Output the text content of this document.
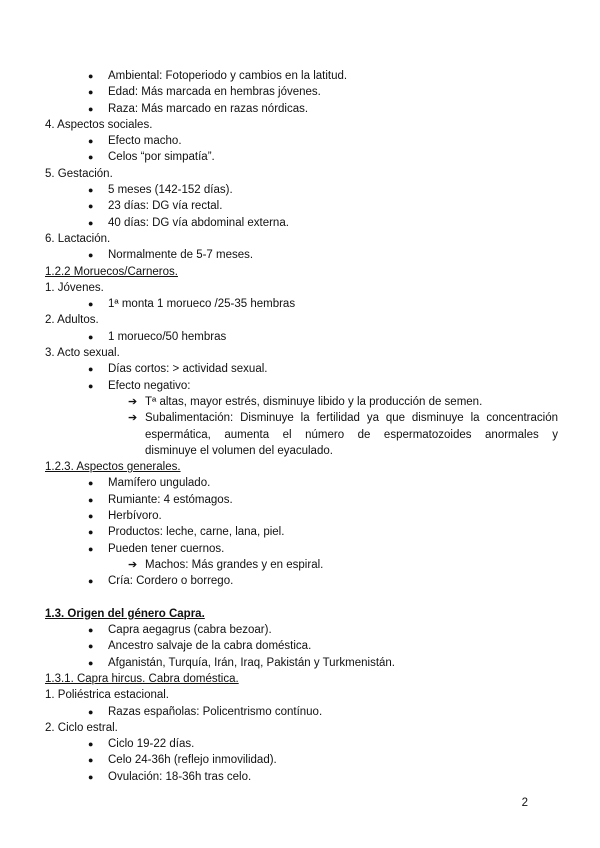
● Ambiental: Fotoperiodo y cambios en la latitud.
● Edad: Más marcada en hembras jóvenes.
● Raza: Más marcado en razas nórdicas.
4. Aspectos sociales.
● Efecto macho.
● Celos “por simpatía”.
5. Gestación.
● 5 meses (142-152 días).
● 23 días: DG vía rectal.
● 40 días: DG vía abdominal externa.
6. Lactación.
● Normalmente de 5-7 meses.
1.2.2 Moruecos/Carneros.
1. Jóvenes.
● 1ª monta 1 morueco /25-35 hembras
2. Adultos.
● 1 morueco/50 hembras
3. Acto sexual.
● Días cortos: > actividad sexual.
● Efecto negativo:
➔ Tª altas, mayor estrés, disminuye libido y la producción de semen.
➔ Subalimentación: Disminuye la fertilidad ya que disminuye la concentración
espermática, aumenta el número de espermatozoides anormales y
disminuye el volumen del eyaculado.
1.2.3. Aspectos generales.
● Mamífero ungulado.
● Rumiante: 4 estómagos.
● Herbívoro.
● Productos: leche, carne, lana, piel.
● Pueden tener cuernos.
➔ Machos: Más grandes y en espiral.
● Cría: Cordero o borrego.
1.3. Origen del género Capra.
● Capra aegagrus (cabra bezoar).
● Ancestro salvaje de la cabra doméstica.
● Afganistán, Turquía, Irán, Iraq, Pakistán y Turkmenistán.
1.3.1. Capra hircus. Cabra doméstica.
1. Poliéstrica estacional.
● Razas españolas: Policentrismo contínuo.
2. Ciclo estral.
● Ciclo 19-22 días.
● Celo 24-36h (reflejo inmovilidad).
● Ovulación: 18-36h tras celo.
2
